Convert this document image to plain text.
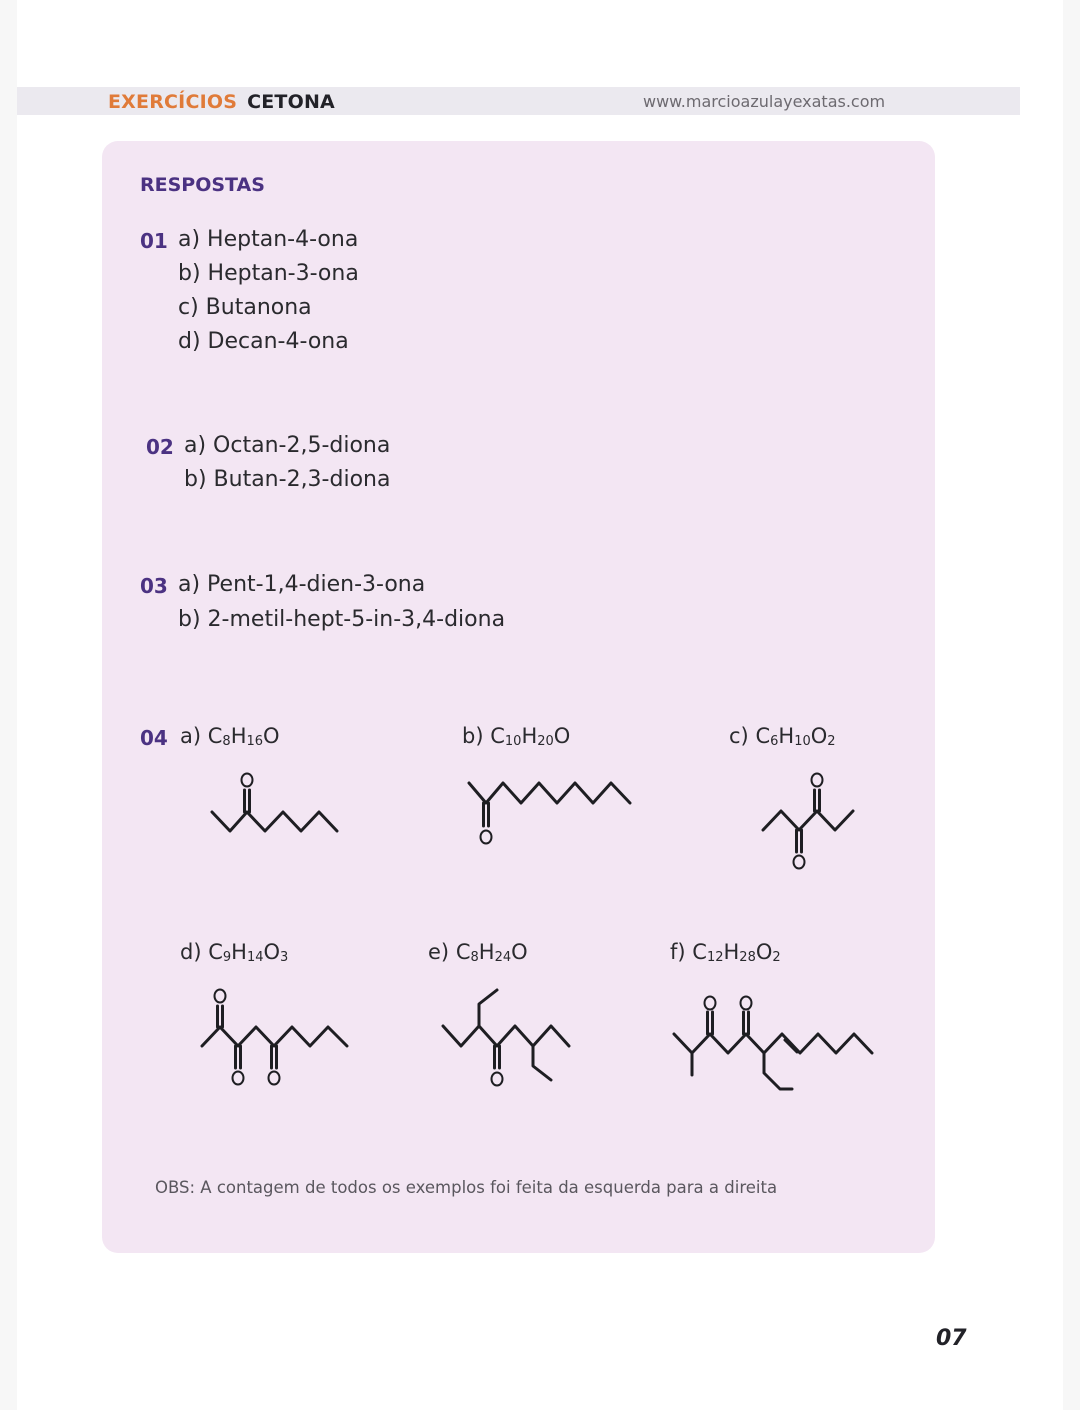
EXERCÍCIOS CETONA	www.marcioazulayexatas.com
RESPOSTAS
01 a) Heptan-4-ona
b) Heptan-3-ona
c) Butanona
d) Decan-4-ona
02 a) Octan-2,5-diona
b) Butan-2,3-diona
03 a) Pent-1,4-dien-3-ona
b) 2-metil-hept-5-in-3,4-diona
04 a) $C_8H_{16}O$	b) $C_{10}H_{20}O$	c) $C_6H_{10}O_2$
d) $C_9H_{14}O_3$	e) $C_8H_{24}O$	f) $C_{12}H_{28}O_2$
OBS: A contagem de todos os exemplos foi feita da esquerda para a direita
07
